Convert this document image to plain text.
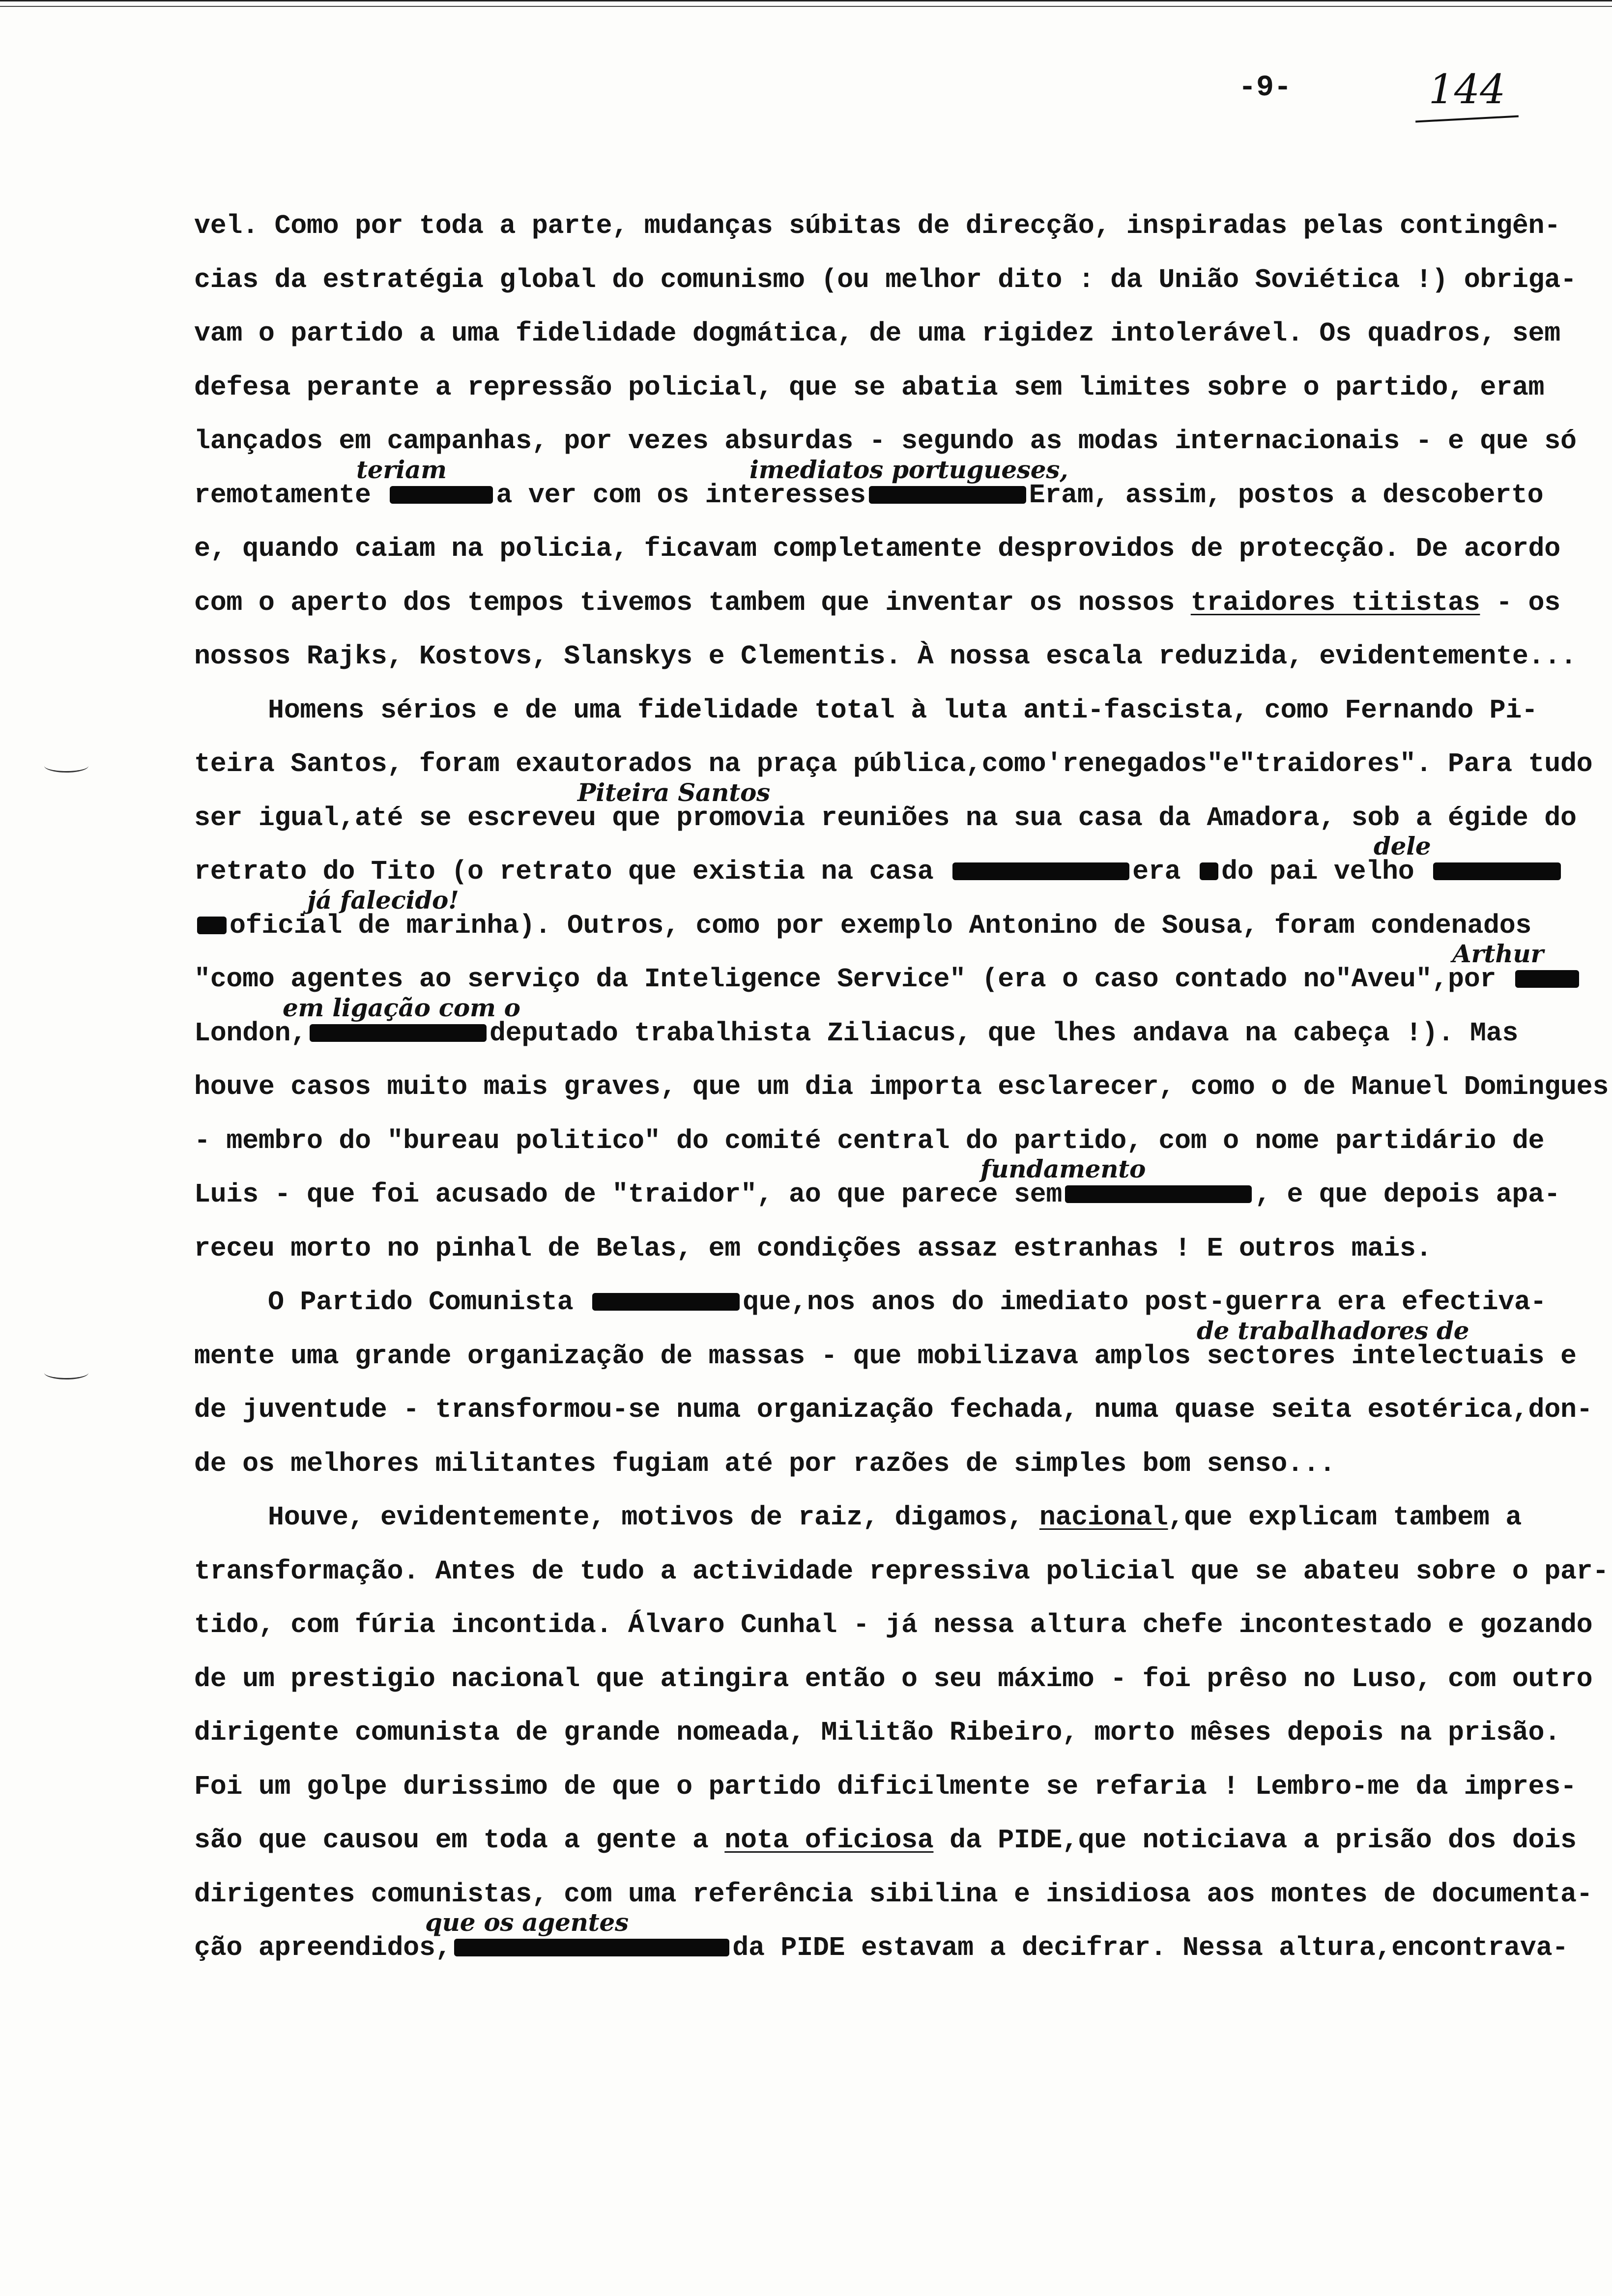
-9-	144
vel. Como por toda a parte, mudanças súbitas de direcção, inspiradas pelas contingên-
cias da estratégia global do comunismo (ou melhor dito : da União Soviética !) obriga-
vam o partido a uma fidelidade dogmática, de uma rigidez intolerável. Os quadros, sem
defesa perante a repressão policial, que se abatia sem limites sobre o partido, eram
lançados em campanhas, por vezes absurdas - segundo as modas internacionais - e que só
teriam	imediatos portugueses,
remotamente	a ver com os interesses	Eram, assim, postos a descoberto
e, quando caiam na policia, ficavam completamente desprovidos de protecção. De acordo
com o aperto dos tempos tivemos tambem que inventar os nossos traidores titistas - os
nossos Rajks, Kostovs, Slanskys e Clementis. À nossa escala reduzida, evidentemente...
Homens sérios e de uma fidelidade total à luta anti-fascista, como Fernando Pi-
teira Santos, foram exautorados na praça pública,como'renegados"e"traidores". Para tudo
Piteira Santos
ser igual,até se escreveu que promovia reuniões na sua casa da Amadora, sob a égide do
dele
retrato do Tito (o retrato que existia na casa	era do pai velho
já falecido!
oficial de marinha). Outros, como por exemplo Antonino de Sousa, foram condenados
Arthur
"como agentes ao serviço da Inteligence Service" (era o caso contado no"Aveu",por
em ligação com o
London,	deputado trabalhista Ziliacus, que lhes andava na cabeça !). Mas
houve casos muito mais graves, que um dia importa esclarecer, como o de Manuel Domingues
- membro do "bureau politico" do comité central do partido, com o nome partidário de
fundamento
Luis - que foi acusado de "traidor", ao que parece sem	, e que depois apa-
receu morto no pinhal de Belas, em condições assaz estranhas ! E outros mais.
O Partido Comunista	que,nos anos do imediato post-guerra era efectiva-
de trabalhadores de
mente uma grande organização de massas - que mobilizava amplos sectores intelectuais e
de juventude - transformou-se numa organização fechada, numa quase seita esotérica,don-
de os melhores militantes fugiam até por razões de simples bom senso...
Houve, evidentemente, motivos de raiz, digamos, nacional,que explicam tambem a
transformação. Antes de tudo a actividade repressiva policial que se abateu sobre o par-
tido, com fúria incontida. Álvaro Cunhal - já nessa altura chefe incontestado e gozando
de um prestigio nacional que atingira então o seu máximo - foi prêso no Luso, com outro
dirigente comunista de grande nomeada, Militão Ribeiro, morto mêses depois na prisão.
Foi um golpe durissimo de que o partido dificilmente se refaria ! Lembro-me da impres-
são que causou em toda a gente a nota oficiosa da PIDE,que noticiava a prisão dos dois
dirigentes comunistas, com uma referência sibilina e insidiosa aos montes de documenta-
que os agentes
ção apreendidos,	da PIDE estavam a decifrar. Nessa altura,encontrava-
